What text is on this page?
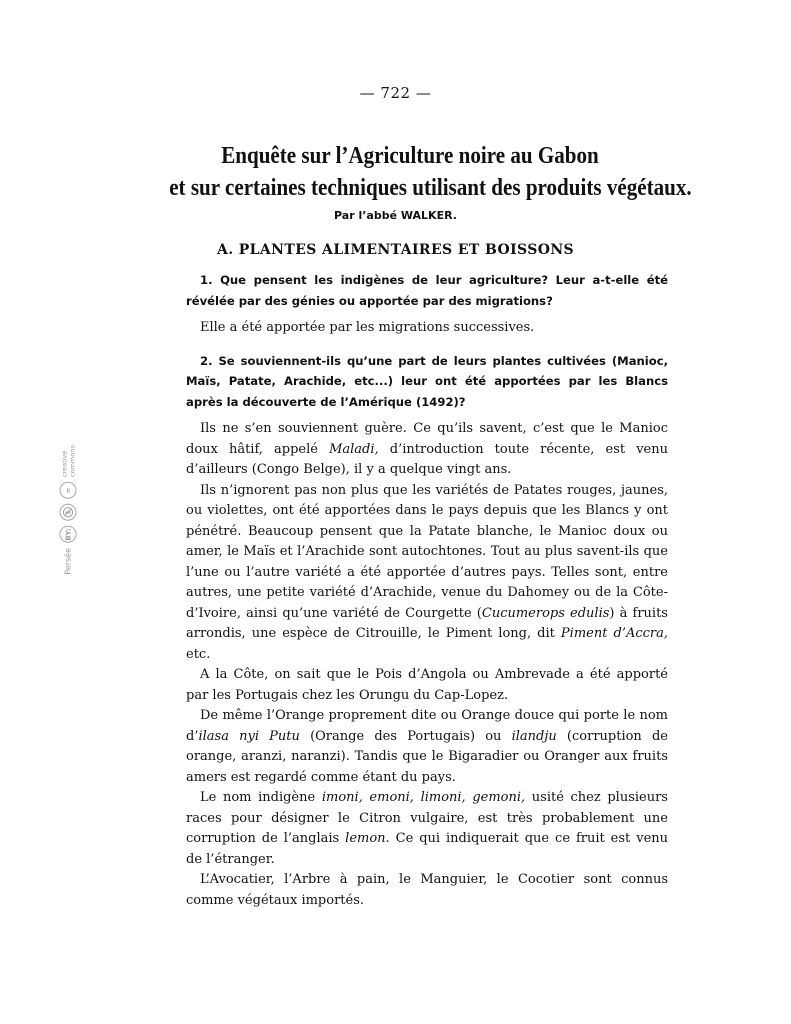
— 722 —
Enquête sur l’Agriculture noire au Gabon
et sur certaines techniques utilisant des produits végétaux.
Par l’abbé WALKER.
A. PLANTES ALIMENTAIRES ET BOISSONS

1. Que pensent les indigènes de leur agriculture? Leur a-t-elle été révélée par des génies ou apportée par des migrations?

Elle a été apportée par les migrations successives.

2. Se souviennent-ils qu’une part de leurs plantes cultivées (Manioc, Maïs, Patate, Arachide, etc...) leur ont été apportées par les Blancs après la découverte de l’Amérique (1492)?

Ils ne s’en souviennent guère. Ce qu’ils savent, c’est que le Manioc doux hâtif, appelé Maladi, d’introduction toute récente, est venu d’ailleurs (Congo Belge), il y a quelque vingt ans.

Ils n’ignorent pas non plus que les variétés de Patates rouges, jaunes, ou violettes, ont été apportées dans le pays depuis que les Blancs y ont pénétré. Beaucoup pensent que la Patate blanche, le Manioc doux ou amer, le Maïs et l’Arachide sont autochtones. Tout au plus savent-ils que l’une ou l’autre variété a été apportée d’autres pays. Telles sont, entre autres, une petite variété d’Arachide, venue du Dahomey ou de la Côte-d’Ivoire, ainsi qu’une variété de Courgette (Cucumerops edulis) à fruits arrondis, une espèce de Citrouille, le Piment long, dit Piment d’Accra, etc.

A la Côte, on sait que le Pois d’Angola ou Ambrevade a été apporté par les Portugais chez les Orungu du Cap-Lopez.

De même l’Orange proprement dite ou Orange douce qui porte le nom d’ilasa nyi Putu (Orange des Portugais) ou ilandju (corruption de orange, aranzi, naranzi). Tandis que le Bigaradier ou Oranger aux fruits amers est regardé comme étant du pays.

Le nom indigène imoni, emoni, limoni, gemoni, usité chez plusieurs races pour désigner le Citron vulgaire, est très probablement une corruption de l’anglais lemon. Ce qui indiquerait que ce fruit est venu de l’étranger.

L’Avocatier, l’Arbre à pain, le Manguier, le Cocotier sont connus comme végétaux importés.

Persée
BY:
$
=
creative commons
